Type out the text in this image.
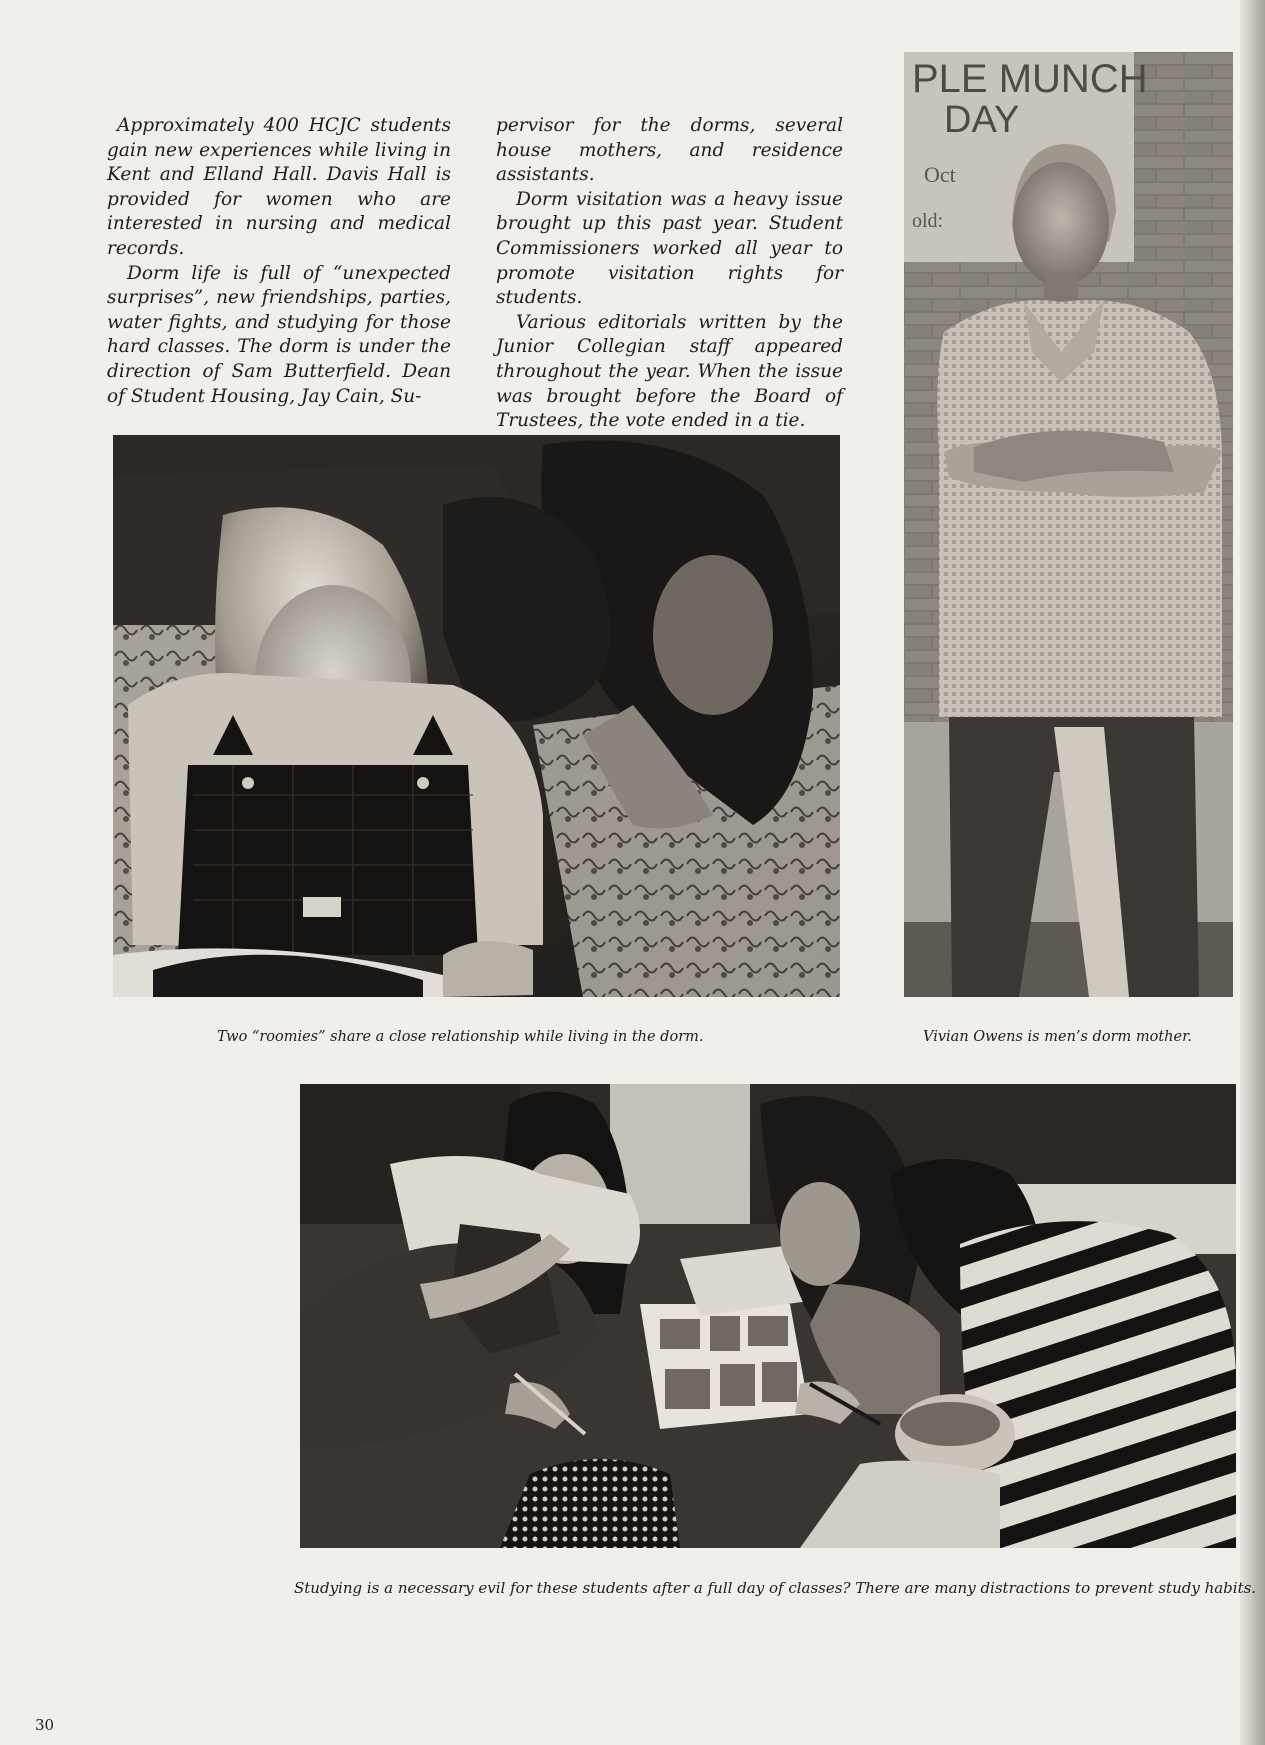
Approximately 400 HCJC students gain new experiences while living in Kent and Elland Hall. Davis Hall is provided for women who are interested in nursing and medical records.

Dorm life is full of “unexpected surprises”, new friendships, parties, water fights, and studying for those hard classes. The dorm is under the direction of Sam Butterfield. Dean of Student Housing, Jay Cain, Su-

pervisor for the dorms, several house mothers, and residence assistants.

Dorm visitation was a heavy issue brought up this past year. Student Commissioners worked all year to promote visitation rights for students.

Various editorials written by the Junior Collegian staff appeared throughout the year. When the issue was brought before the Board of Trustees, the vote ended in a tie.

PLE MUNCH
DAY
Oct
old:

Two “roomies” share a close relationship while living in the dorm.	Vivian Owens is men’s dorm mother.

Studying is a necessary evil for these students after a full day of classes? There are many distractions to prevent study habits.

30
